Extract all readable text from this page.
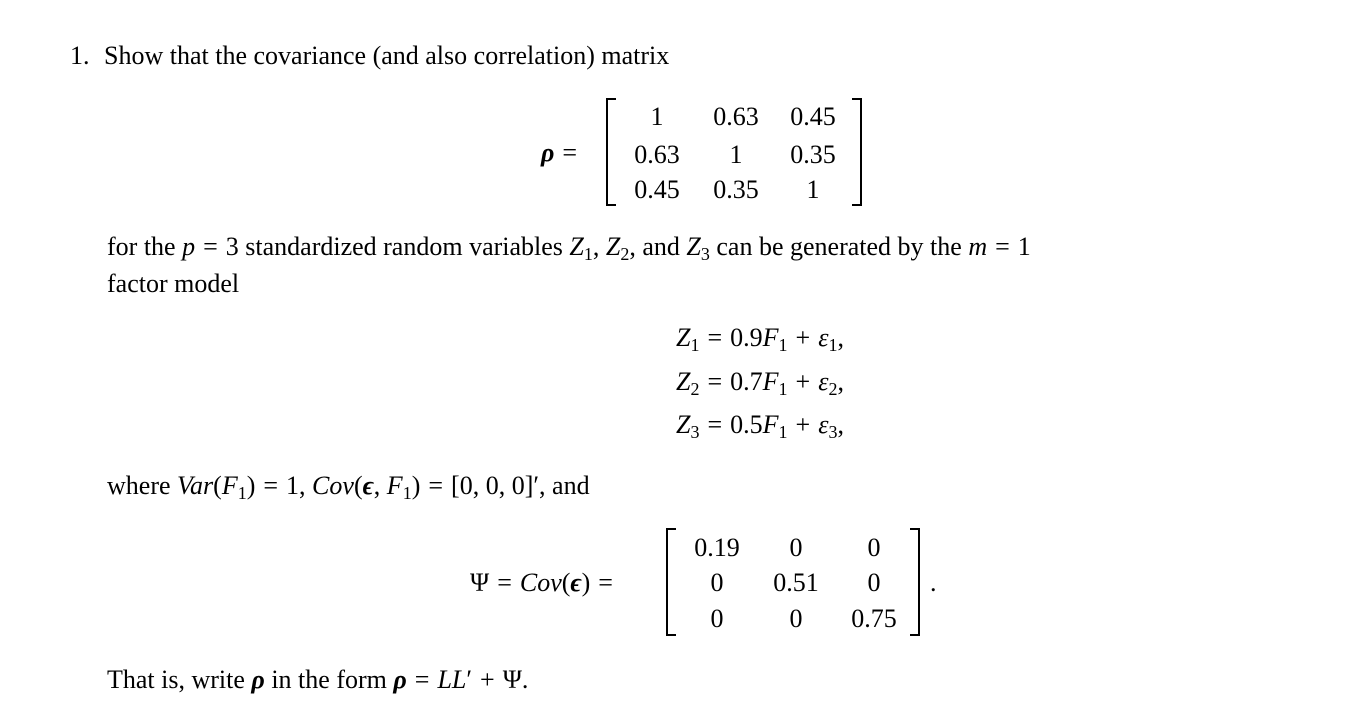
1. Show that the covariance (and also correlation) matrix
ρ =
1	0.63	0.45
0.63	1	0.35
0.45	0.35	1
for the p = 3 standardized random variables $Z_1$, $Z_2$, and $Z_3$ can be generated by the m = 1
factor model
$Z_1 = 0.9F_1 + \varepsilon_1$,
$Z_2 = 0.7F_1 + \varepsilon_2$,
$Z_3 = 0.5F_1 + \varepsilon_3$,
where $Var(F_1) = 1$, Cov(ϵ, $F_1) = [0$, 0, 0]′, and
Ψ = Cov(ϵ) =
0.19	0	0
0	0.51	0
0	0	0.75
.
That is, write ρ in the form ρ = LL′ + Ψ.
